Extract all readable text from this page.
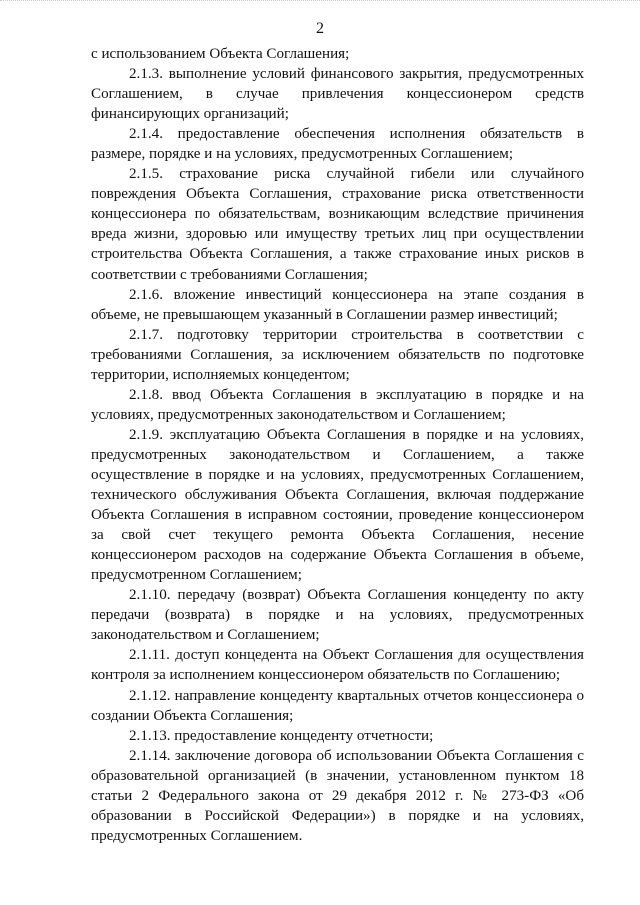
2

с использованием Объекта Соглашения;

2.1.3. выполнение условий финансового закрытия, предусмотренных Соглашением, в случае привлечения концессионером средств финансирующих организаций;

2.1.4. предоставление обеспечения исполнения обязательств в размере, порядке и на условиях, предусмотренных Соглашением;

2.1.5. страхование риска случайной гибели или случайного повреждения Объекта Соглашения, страхование риска ответственности концессионера по обязательствам, возникающим вследствие причинения вреда жизни, здоровью или имуществу третьих лиц при осуществлении строительства Объекта Соглашения, а также страхование иных рисков в соответствии с требованиями Соглашения;

2.1.6. вложение инвестиций концессионера на этапе создания в объеме, не превышающем указанный в Соглашении размер инвестиций;

2.1.7. подготовку территории строительства в соответствии с требованиями Соглашения, за исключением обязательств по подготовке территории, исполняемых концедентом;

2.1.8. ввод Объекта Соглашения в эксплуатацию в порядке и на условиях, предусмотренных законодательством и Соглашением;

2.1.9. эксплуатацию Объекта Соглашения в порядке и на условиях, предусмотренных законодательством и Соглашением, а также осуществление в порядке и на условиях, предусмотренных Соглашением, технического обслуживания Объекта Соглашения, включая поддержание Объекта Соглашения в исправном состоянии, проведение концессионером за свой счет текущего ремонта Объекта Соглашения, несение концессионером расходов на содержание Объекта Соглашения в объеме, предусмотренном Соглашением;

2.1.10. передачу (возврат) Объекта Соглашения концеденту по акту передачи (возврата) в порядке и на условиях, предусмотренных законодательством и Соглашением;

2.1.11. доступ концедента на Объект Соглашения для осуществления контроля за исполнением концессионером обязательств по Соглашению;

2.1.12. направление концеденту квартальных отчетов концессионера о создании Объекта Соглашения;

2.1.13. предоставление концеденту отчетности;

2.1.14. заключение договора об использовании Объекта Соглашения с образовательной организацией (в значении, установленном пунктом 18 статьи 2 Федерального закона от 29 декабря 2012 г. № 273-ФЗ «Об образовании в Российской Федерации») в порядке и на условиях, предусмотренных Соглашением.
